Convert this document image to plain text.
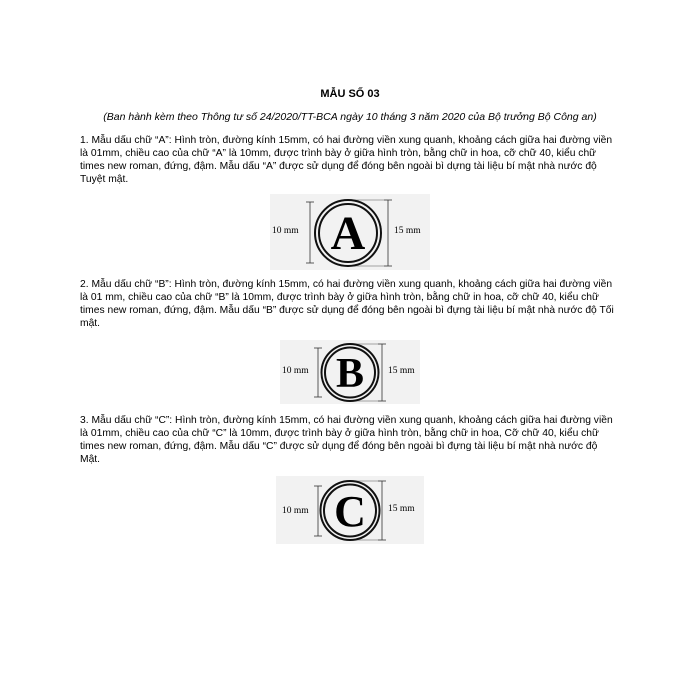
MẪU SỐ 03
(Ban hành kèm theo Thông tư số 24/2020/TT-BCA ngày 10 tháng 3 năm 2020 của Bộ trưởng Bộ Công an)

1. Mẫu dấu chữ “A”: Hình tròn, đường kính 15mm, có hai đường viền xung quanh, khoảng cách giữa hai đường viền là 01mm, chiều cao của chữ “A” là 10mm, được trình bày ở giữa hình tròn, bằng chữ in hoa, cỡ chữ 40, kiểu chữ times new roman, đứng, đậm. Mẫu dấu “A” được sử dụng để đóng bên ngoài bì dựng tài liệu bí mật nhà nước độ Tuyệt mật.

A
10 mm	15 mm

2. Mẫu dấu chữ “B”: Hình tròn, đường kính 15mm, có hai đường viền xung quanh, khoảng cách giữa hai đường viền là 01 mm, chiều cao của chữ “B” là 10mm, được trình bày ở giữa hình tròn, bằng chữ in hoa, cỡ chữ 40, kiểu chữ times new roman, đứng, đậm. Mẫu dấu “B” được sử dụng để đóng bên ngoài bì đựng tài liệu bí mật nhà nước độ Tối mật.

B
10 mm	15 mm

3. Mẫu dấu chữ “C”: Hình tròn, đường kính 15mm, có hai đường viền xung quanh, khoảng cách giữa hai đường viền là 01mm, chiều cao của chữ “C” là 10mm, được trình bày ở giữa hình tròn, bằng chữ in hoa, Cỡ chữ 40, kiểu chữ times new roman, đứng, đậm. Mẫu dấu “C” được sử dụng để đóng bên ngoài bì đựng tài liệu bí mật nhà nước độ Mật.

C
10 mm	15 mm
